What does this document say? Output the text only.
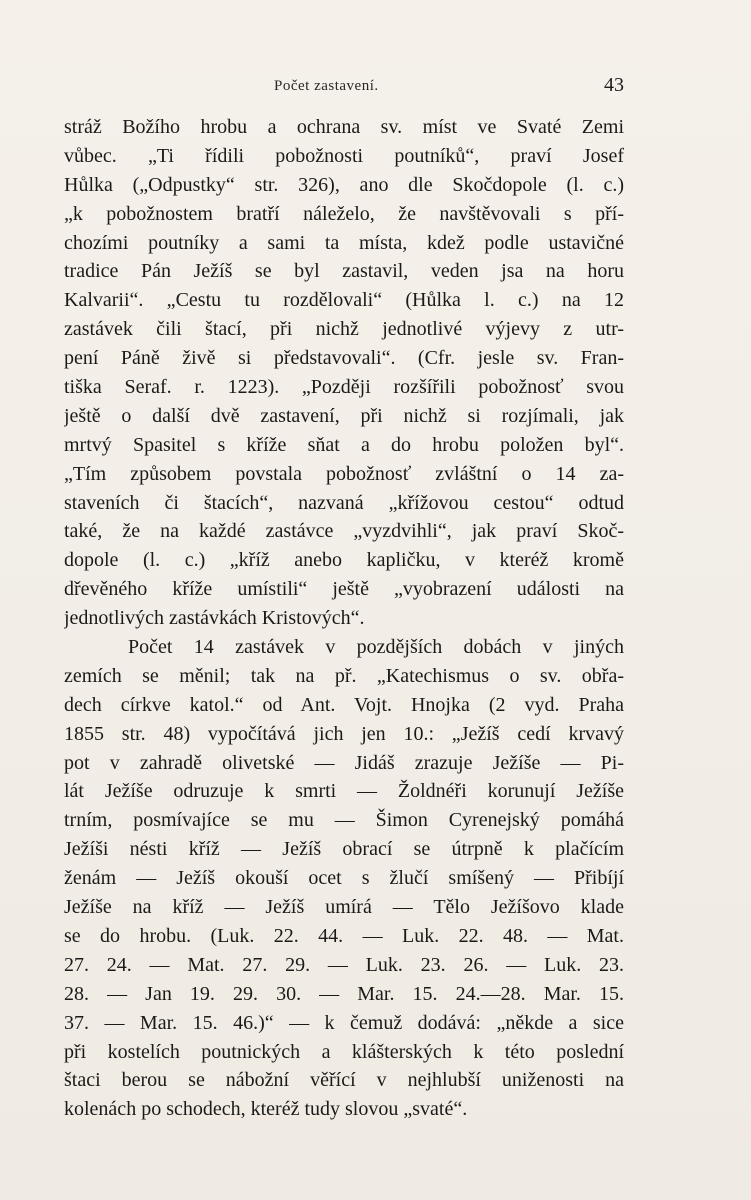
Počet zastavení.	43
stráž Božího hrobu a ochrana sv. míst ve Svaté Zemi
vůbec. „Ti řídili pobožnosti poutníků“, praví Josef
Hůlka („Odpustky“ str. 326), ano dle Skočdopole (l. c.)
„k pobožnostem bratří náleželo, že navštěvovali s pří-
chozími poutníky a sami ta místa, kdež podle ustavičné
tradice Pán Ježíš se byl zastavil, veden jsa na horu
Kalvarii“. „Cestu tu rozdělovali“ (Hůlka l. c.) na 12
zastávek čili štací, při nichž jednotlivé výjevy z utr-
pení Páně živě si představovali“. (Cfr. jesle sv. Fran-
tiška Seraf. r. 1223). „Později rozšířili pobožnosť svou
ještě o další dvě zastavení, při nichž si rozjímali, jak
mrtvý Spasitel s kříže sňat a do hrobu položen byl“.
„Tím způsobem povstala pobožnosť zvláštní o 14 za-
staveních či štacích“, nazvaná „křížovou cestou“ odtud
také, že na každé zastávce „vyzdvihli“, jak praví Skoč-
dopole (l. c.) „kříž anebo kapličku, v kteréž kromě
dřevěného kříže umístili“ ještě „vyobrazení události na
jednotlivých zastávkách Kristových“.
Počet 14 zastávek v pozdějších dobách v jiných
zemích se měnil; tak na př. „Katechismus o sv. obřa-
dech církve katol.“ od Ant. Vojt. Hnojka (2 vyd. Praha
1855 str. 48) vypočítává jich jen 10.: „Ježíš cedí krvavý
pot v zahradě olivetské — Jidáš zrazuje Ježíše — Pi-
lát Ježíše odruzuje k smrti — Žoldnéři korunují Ježíše
trním, posmívajíce se mu — Šimon Cyrenejský pomáhá
Ježíši nésti kříž — Ježíš obrací se útrpně k plačícím
ženám — Ježíš okouší ocet s žlučí smíšený — Přibíjí
Ježíše na kříž — Ježíš umírá — Tělo Ježíšovo klade
se do hrobu. (Luk. 22. 44. — Luk. 22. 48. — Mat.
27. 24. — Mat. 27. 29. — Luk. 23. 26. — Luk. 23.
28. — Jan 19. 29. 30. — Mar. 15. 24.—28. Mar. 15.
37. — Mar. 15. 46.)“ — k čemuž dodává: „někde a sice
při kostelích poutnických a klášterských k této poslední
štaci berou se nábožní věřící v nejhlubší uniženosti na
kolenách po schodech, kteréž tudy slovou „svaté“.
